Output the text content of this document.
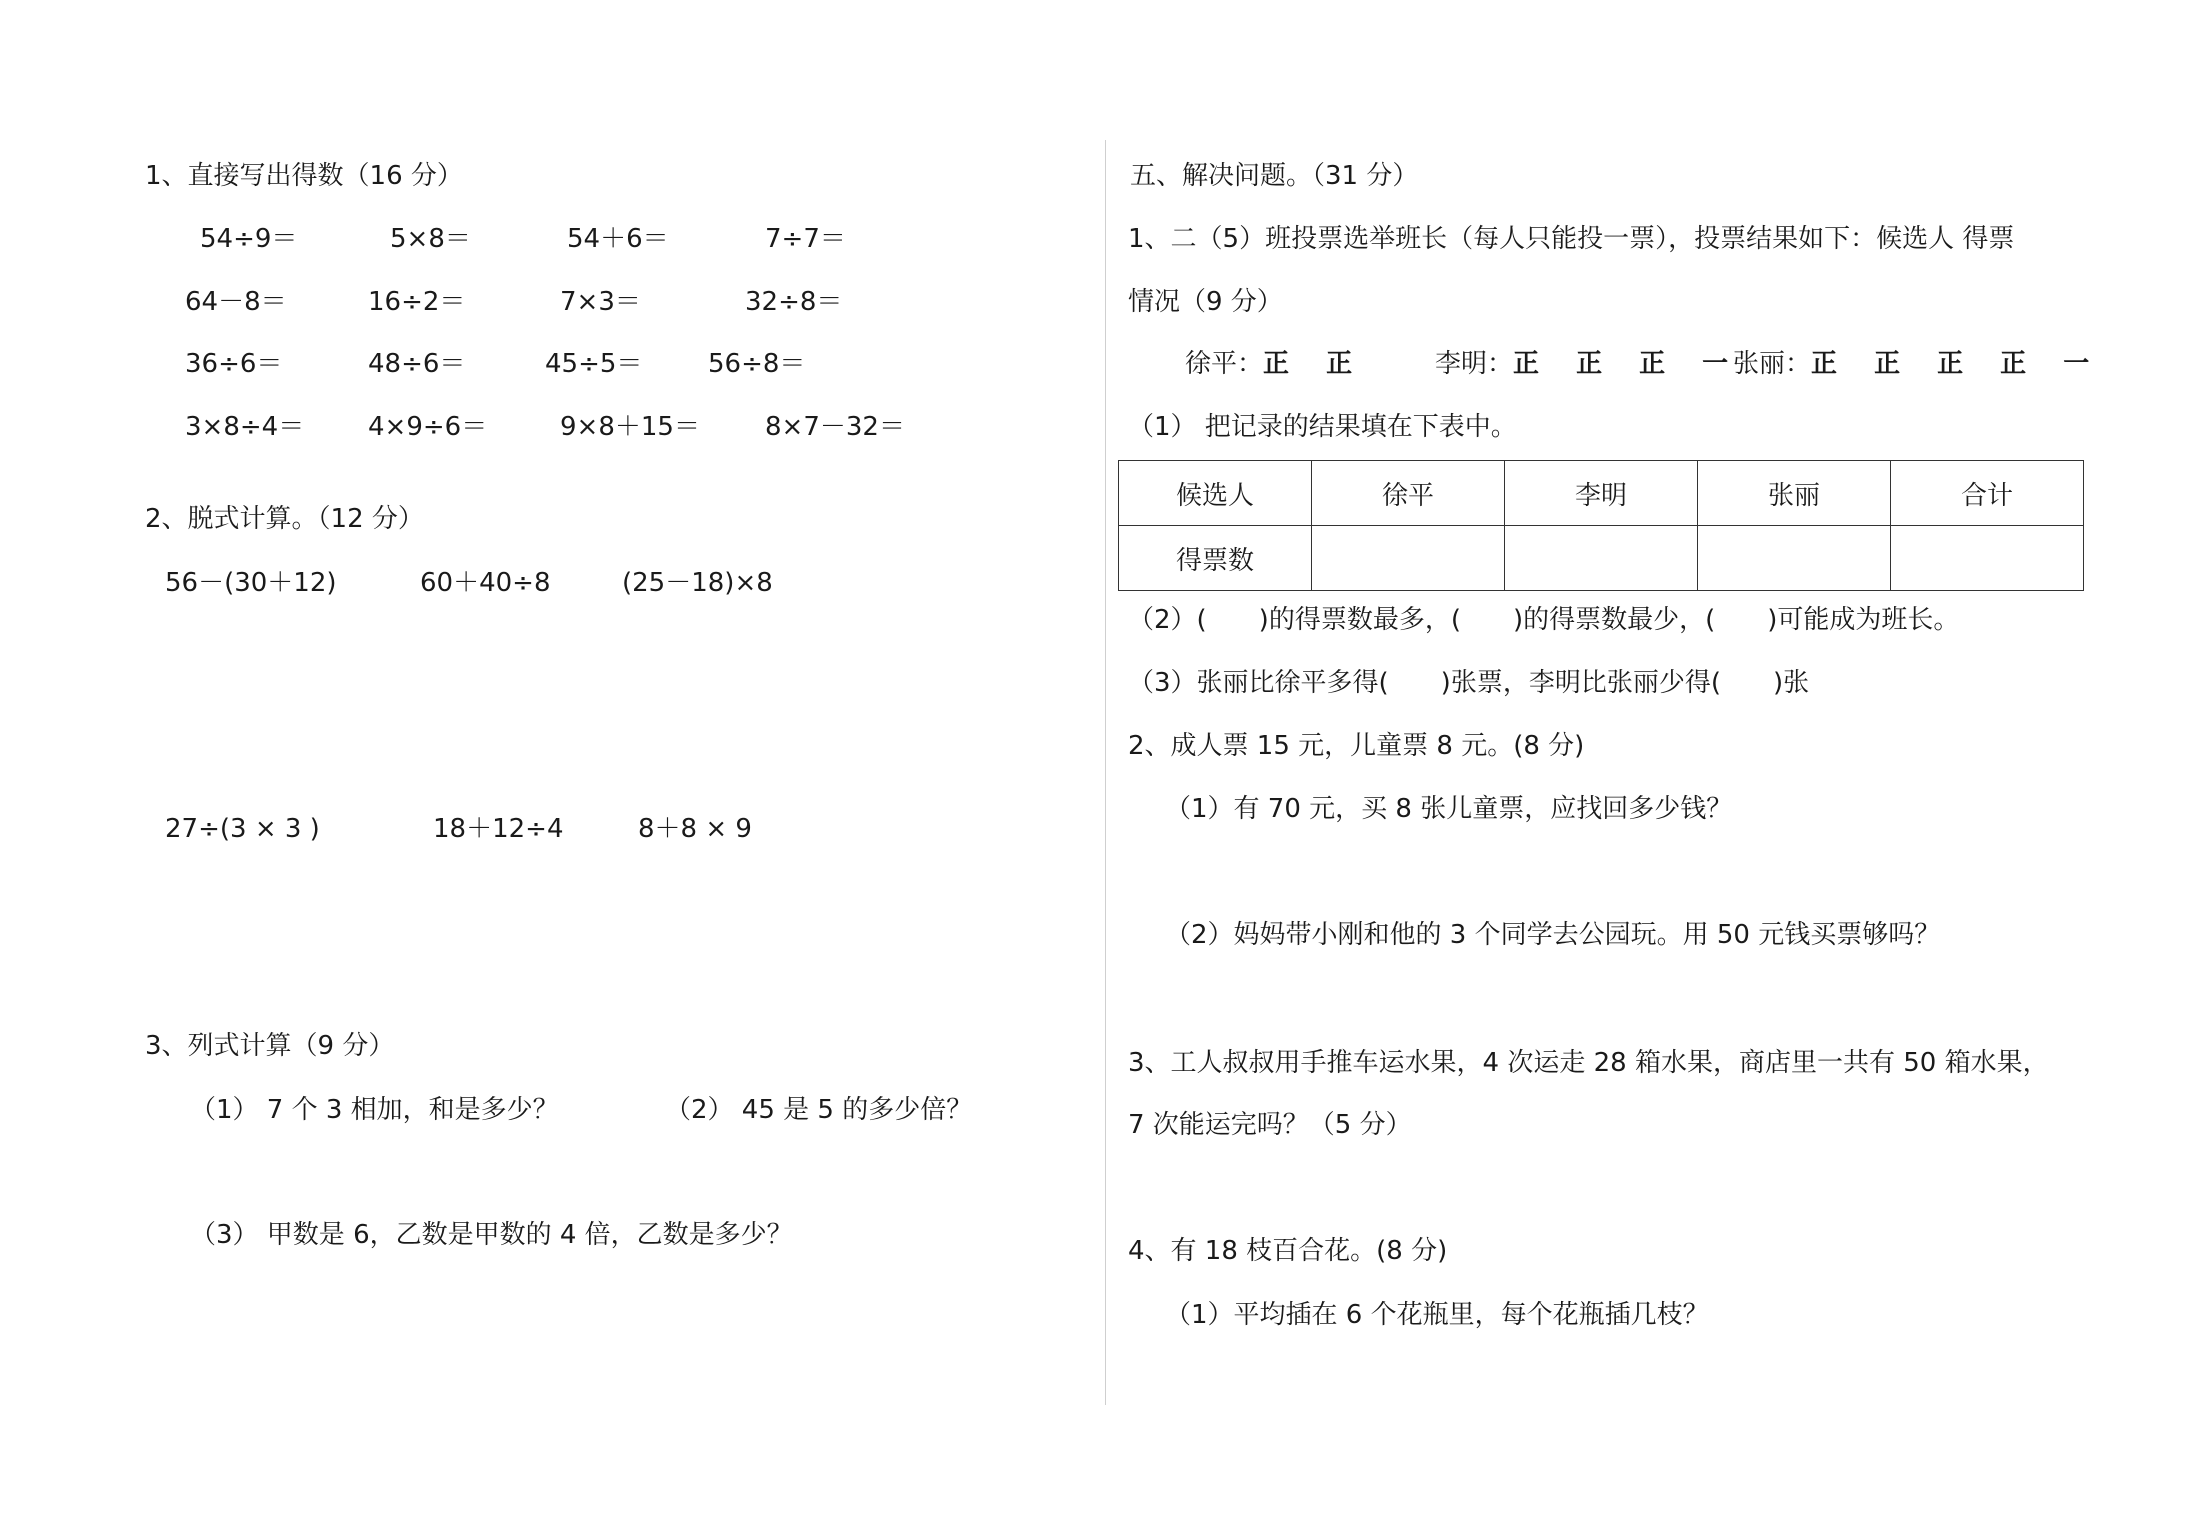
1、直接写出得数（16 分）
54÷9＝	5×8＝	54＋6＝	7÷7＝
64－8＝	16÷2＝	7×3＝	32÷8＝
36÷6＝	48÷6＝	45÷5＝	56÷8＝
3×8÷4＝ 4×9÷6＝	9×8＋15＝	8×7－32＝
2、脱式计算。（12 分）
56－(30＋12)	60＋40÷8	(25－18)×8
27÷(3 × 3 )	18＋12÷4	8＋8 × 9
3、列式计算（9 分）
（1） 7 个 3 相加，和是多少？	（2） 45 是 5 的多少倍？
（3） 甲数是 6，乙数是甲数的 4 倍，乙数是多少？
五、解决问题。（31 分）
1、二（5）班投票选举班长（每人只能投一票），投票结果如下：候选人 得票
情况（9 分）
徐平：正 正	李明：正 正 正 一
张丽：正 正 正 正 一
（1） 把记录的结果填在下表中。
候选人	徐平	李明	张丽	合计
得票数				
（2）(　　)的得票数最多，(　　)的得票数最少，(　　)可能成为班长。
（3）张丽比徐平多得(　　)张票，李明比张丽少得(　　)张
2、成人票 15 元，儿童票 8 元。(8 分)
（1）有 70 元，买 8 张儿童票，应找回多少钱？
（2）妈妈带小刚和他的 3 个同学去公园玩。用 50 元钱买票够吗？
3、工人叔叔用手推车运水果，4 次运走 28 箱水果，商店里一共有 50 箱水果，
7 次能运完吗？（5 分）
4、有 18 枝百合花。(8 分)
（1）平均插在 6 个花瓶里，每个花瓶插几枝？
